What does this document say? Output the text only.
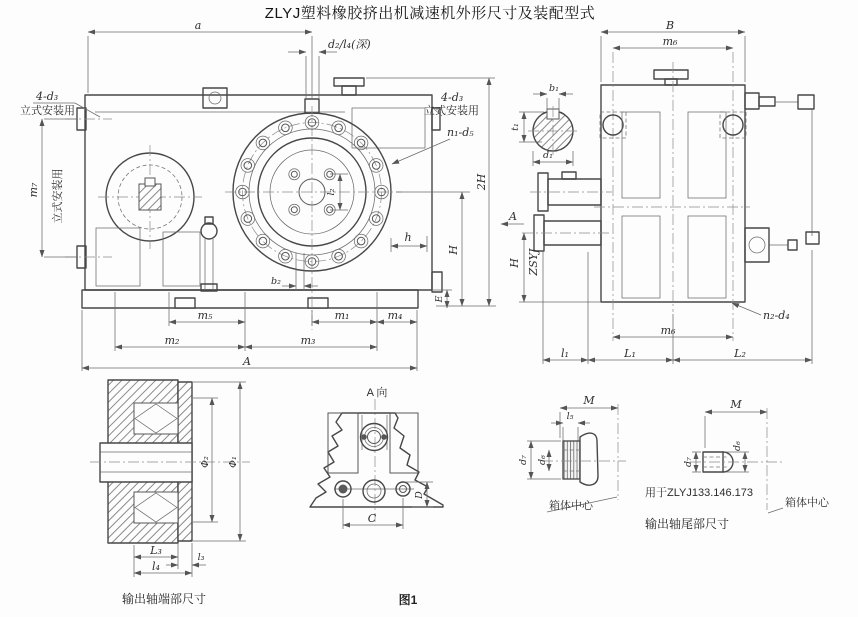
ZLYJ塑料橡胶挤出机减速机外形尺寸及装配型式
l₂
a
d₂/l₄(深)
4-d₃
立式安装用
m₇ 立式安装用
4-d₃
立式安装用
n₁-d₅
2H
H
h
E
b₂
m₅	m₁	m₄
m₂	m₃
A
A
B
m₆
b₁
t₁
d₁
H ZSYJ
n₂-d₄
m₆
l₁	L₁	L₂
Φ₂ Φ₁
L₃
l₃
l₄
输出轴端部尺寸
A 向
C
D
M
l₅
d₇ d₆
箱体中心
M
d₇
d₆
用于ZLYJ133.146.173
箱体中心
输出轴尾部尺寸
图1
